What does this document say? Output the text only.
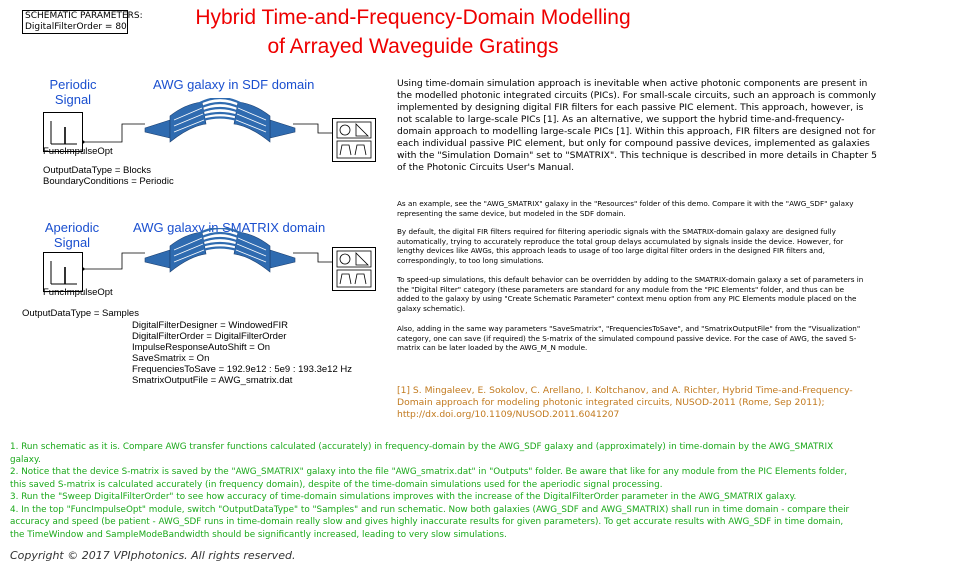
SCHEMATIC PARAMETERS:
DigitalFilterOrder = 80	Hybrid Time-and-Frequency-Domain Modelling
of Arrayed Waveguide Gratings
Periodic
Signal
AWG galaxy in SDF domain
FuncImpulseOpt
OutputDataType = Blocks
BoundaryConditions = Periodic
Aperiodic
Signal
AWG galaxy in SMATRIX domain
FuncImpulseOpt
OutputDataType = Samples
DigitalFilterDesigner = WindowedFIR
DigitalFilterOrder = DigitalFilterOrder
ImpulseResponseAutoShift = On
SaveSmatrix = On
FrequenciesToSave = 192.9e12 : 5e9 : 193.3e12 Hz
SmatrixOutputFile = AWG_smatrix.dat
Using time-domain simulation approach is inevitable when active photonic components are present in the modelled photonic integrated circuits (PICs). For small-scale circuits, such an approach is commonly implemented by designing digital FIR filters for each passive PIC element. This approach, however, is not scalable to large-scale PICs [1]. As an alternative, we support the hybrid time-and-frequency-domain approach to modelling large-scale PICs [1]. Within this approach, FIR filters are designed not for each individual passive PIC element, but only for compound passive devices, implemented as galaxies with the "Simulation Domain" set to "SMATRIX". This technique is described in more details in Chapter 5 of the Photonic Circuits User's Manual.
As an example, see the "AWG_SMATRIX" galaxy in the "Resources" folder of this demo. Compare it with the "AWG_SDF" galaxy representing the same device, but modeled in the SDF domain.
By default, the digital FIR filters required for filtering aperiodic signals with the SMATRIX-domain galaxy are designed fully automatically, trying to accurately reproduce the total group delays accumulated by signals inside the device. However, for lengthy devices like AWGs, this approach leads to usage of too large digital filter orders in the designed FIR filters and, correspondingly, to too long simulations.
To speed-up simulations, this default behavior can be overridden by adding to the SMATRIX-domain galaxy a set of parameters in the "Digital Filter" category (these parameters are standard for any module from the "PIC Elements" folder, and thus can be added to the galaxy by using "Create Schematic Parameter" context menu option from any PIC Elements module placed on the galaxy schematic).
Also, adding in the same way parameters "SaveSmatrix", "FrequenciesToSave", and "SmatrixOutputFile" from the "Visualization" category, one can save (if required) the S-matrix of the simulated compound passive device. For the case of AWG, the saved S-matrix can be later loaded by the AWG_M_N module.
[1] S. Mingaleev, E. Sokolov, C. Arellano, I. Koltchanov, and A. Richter, Hybrid Time-and-Frequency-Domain approach for modeling photonic integrated circuits, NUSOD-2011 (Rome, Sep 2011); http://dx.doi.org/10.1109/NUSOD.2011.6041207

1. Run schematic as it is. Compare AWG transfer functions calculated (accurately) in frequency-domain by the AWG_SDF galaxy and (approximately) in time-domain by the AWG_SMATRIX galaxy.

2. Notice that the device S-matrix is saved by the "AWG_SMATRIX" galaxy into the file "AWG_smatrix.dat" in "Outputs" folder. Be aware that like for any module from the PIC Elements folder, this saved S-matrix is calculated accurately (in frequency domain), despite of the time-domain simulations used for the aperiodic signal processing.

3. Run the "Sweep DigitalFilterOrder" to see how accuracy of time-domain simulations improves with the increase of the DigitalFilterOrder parameter in the AWG_SMATRIX galaxy.

4. In the top "FuncImpulseOpt" module, switch "OutputDataType" to "Samples" and run schematic. Now both galaxies (AWG_SDF and AWG_SMATRIX) shall run in time domain - compare their accuracy and speed (be patient - AWG_SDF runs in time-domain really slow and gives highly inaccurate results for given parameters). To get accurate results with AWG_SDF in time domain, the TimeWindow and SampleModeBandwidth should be significantly increased, leading to very slow simulations.

Copyright © 2017 VPIphotonics. All rights reserved.
